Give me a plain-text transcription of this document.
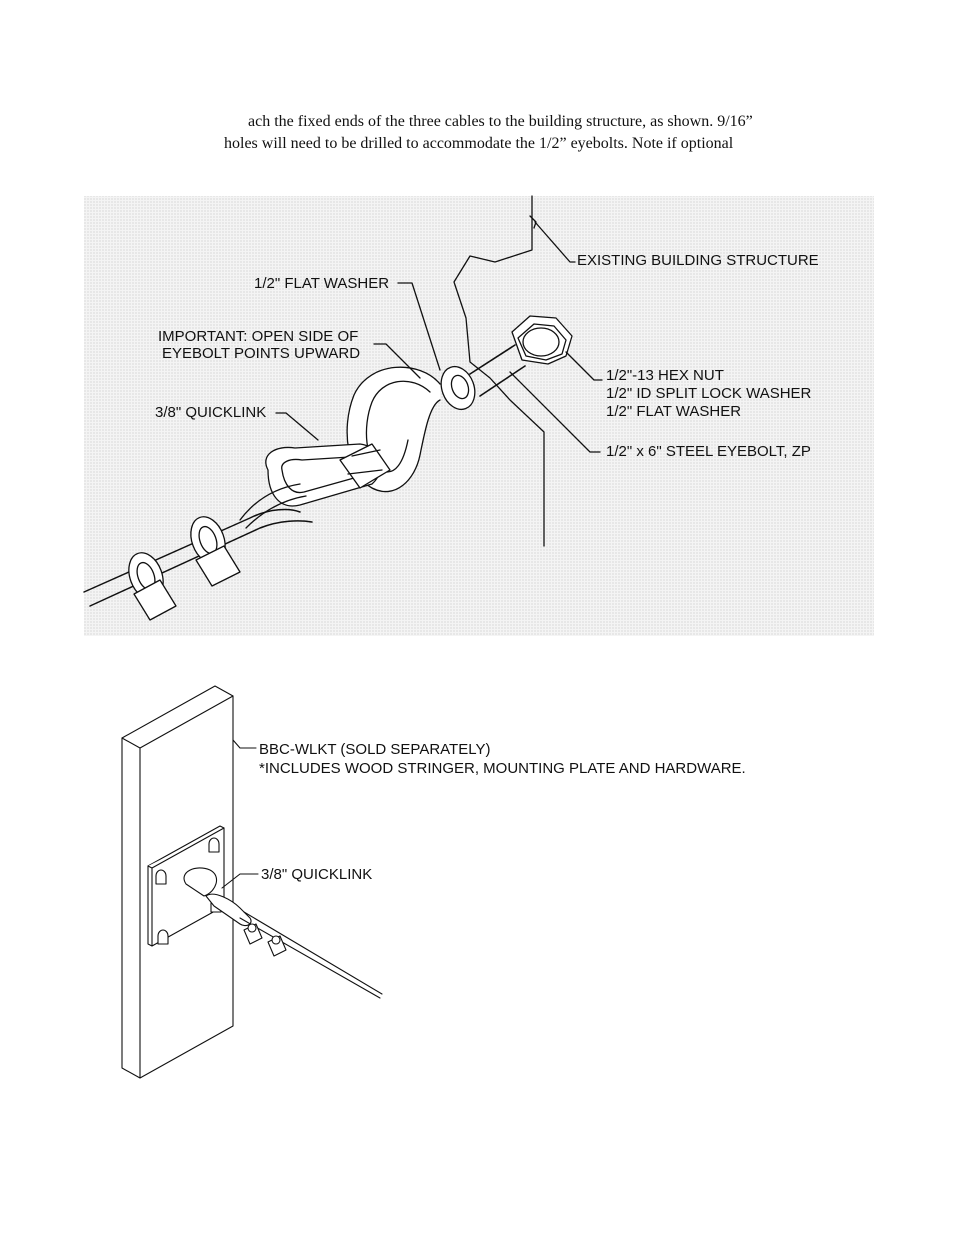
ach the fixed ends of the three cables to the building structure, as shown. 9/16”
holes will need to be drilled to accommodate the 1/2” eyebolts. Note if optional
EXISTING BUILDING STRUCTURE
1/2" FLAT WASHER
IMPORTANT: OPEN SIDE OF
EYEBOLT POINTS UPWARD
3/8" QUICKLINK
1/2"-13 HEX NUT
1/2" ID SPLIT LOCK WASHER
1/2" FLAT WASHER
1/2" x 6" STEEL EYEBOLT, ZP
BBC-WLKT (SOLD SEPARATELY)
*INCLUDES WOOD STRINGER, MOUNTING PLATE AND HARDWARE.
3/8" QUICKLINK
